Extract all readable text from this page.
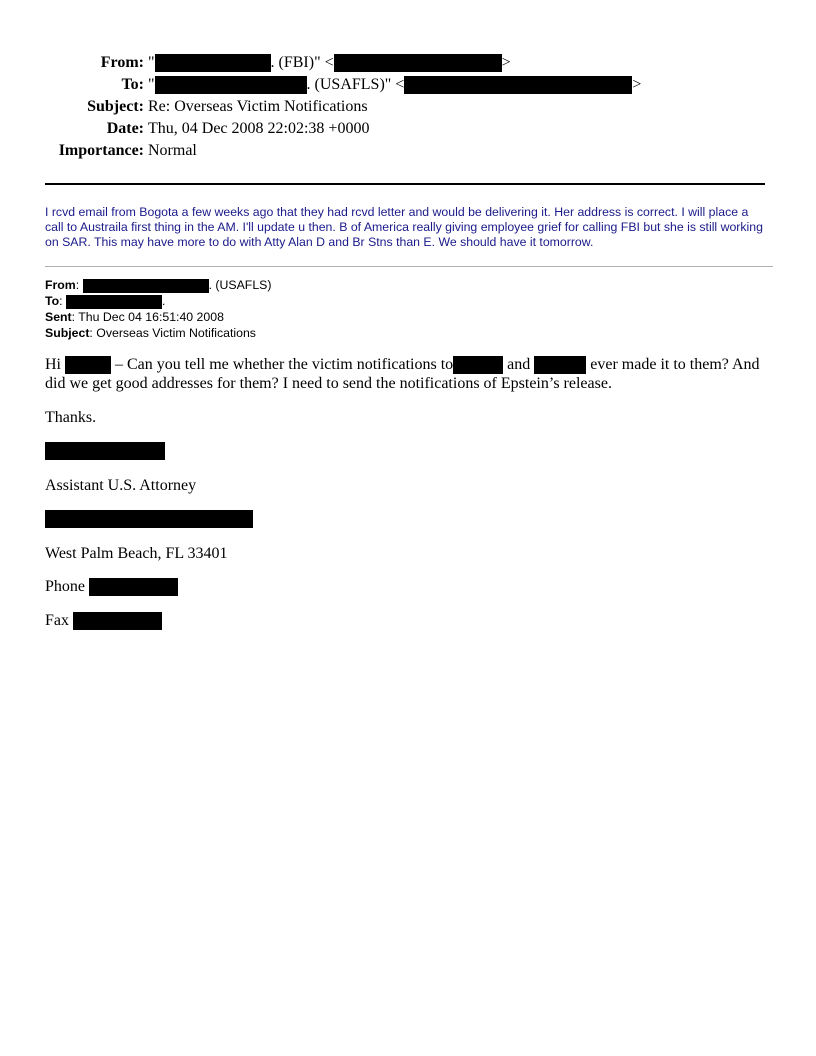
From: "	. (FBI)" <	>
To: "	. (USAFLS)" <	>
Subject: Re: Overseas Victim Notifications
Date: Thu, 04 Dec 2008 22:02:38 +0000
Importance: Normal
I rcvd email from Bogota a few weeks ago that they had rcvd letter and would be delivering it. Her address is correct. I will place a call to Austraila first thing in the AM. I'll update u then. B of America really giving employee grief for calling FBI but she is still working on SAR. This may have more to do with Atty Alan D and Br Stns than E. We should have it tomorrow.
From:	. (USAFLS)
To:	.
Sent: Thu Dec 04 16:51:40 2008
Subject: Overseas Victim Notifications
Hi	– Can you tell me whether the victim notifications to	and	ever made it to them? And
did we get good addresses for them? I need to send the notifications of Epstein’s release.
Thanks.
Assistant U.S. Attorney
West Palm Beach, FL 33401
Phone
Fax
